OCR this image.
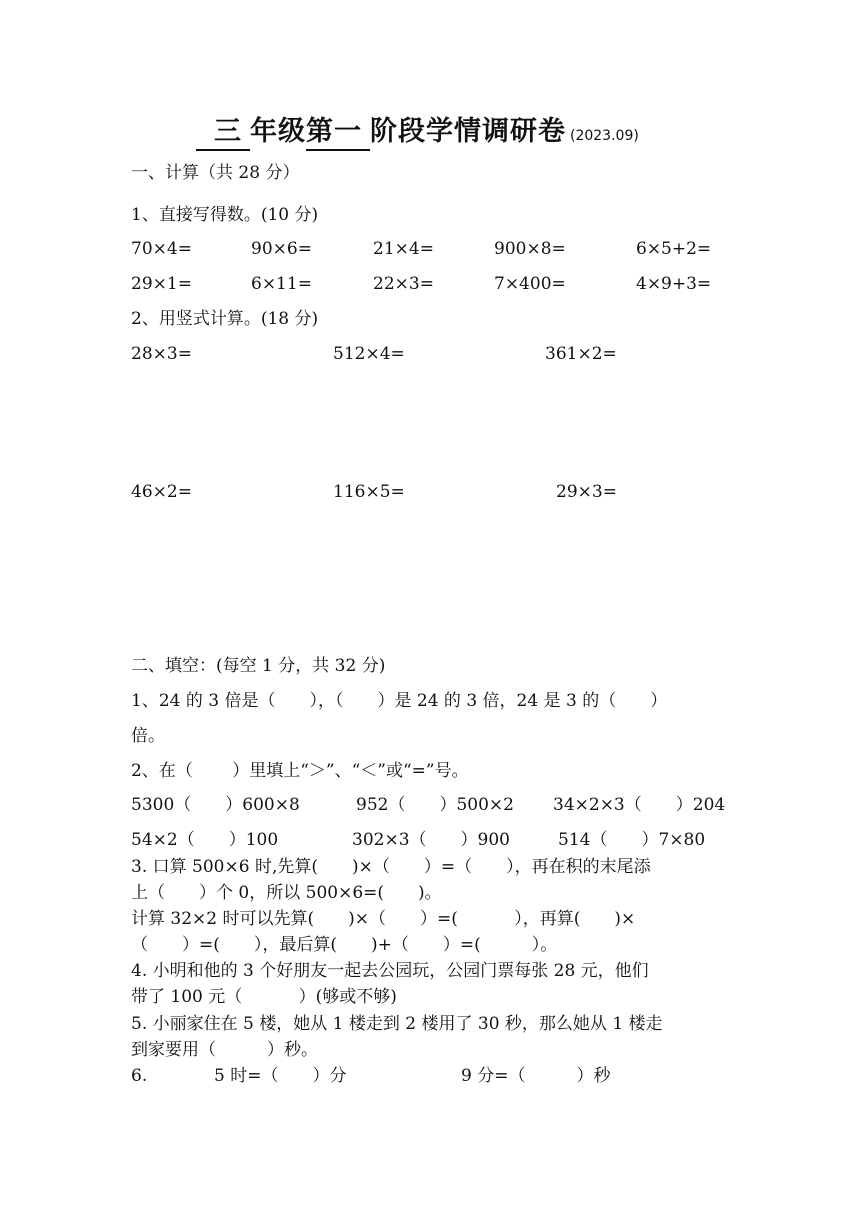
三 年级第一 阶段学情调研卷 (2023.09)
一、计算（共 28 分）
1、直接写得数。(10 分)
70×4=	90×6=	21×4=	900×8=	6×5+2=
29×1=	6×11=	22×3=	7×400=	4×9+3=
2、用竖式计算。(18 分)
28×3=	512×4=	361×2=
46×2=	116×5=	29×3=
二、填空：(每空 1 分，共 32 分)
1、24 的 3 倍是（　　），（　　）是 24 的 3 倍，24 是 3 的（　　）
倍。
2、在（　　 ）里填上“＞”、“＜”或“=”号。
5300（　　）600×8	952（　　）500×2 34×2×3（　　）204
54×2（　　）100	302×3（　　）900	514（　　）7×80
3. 口算 500×6 时,先算(　　)×（　　）=（　　），再在积的末尾添
上（　　）个 0，所以 500×6=(　　)。
计算 32×2 时可以先算(　　)×（　　）=(　　　 ），再算(　　)×
（　　）=(　　），最后算(　　)+（　　）=(　　　）。
4. 小明和他的 3 个好朋友一起去公园玩，公园门票每张 28 元，他们
带了 100 元（　　　 ）(够或不够)
5. 小丽家住在 5 楼，她从 1 楼走到 2 楼用了 30 秒，那么她从 1 楼走
到家要用（　　　）秒。
6.	5 时=（　　）分	9 分=（　　　）秒
